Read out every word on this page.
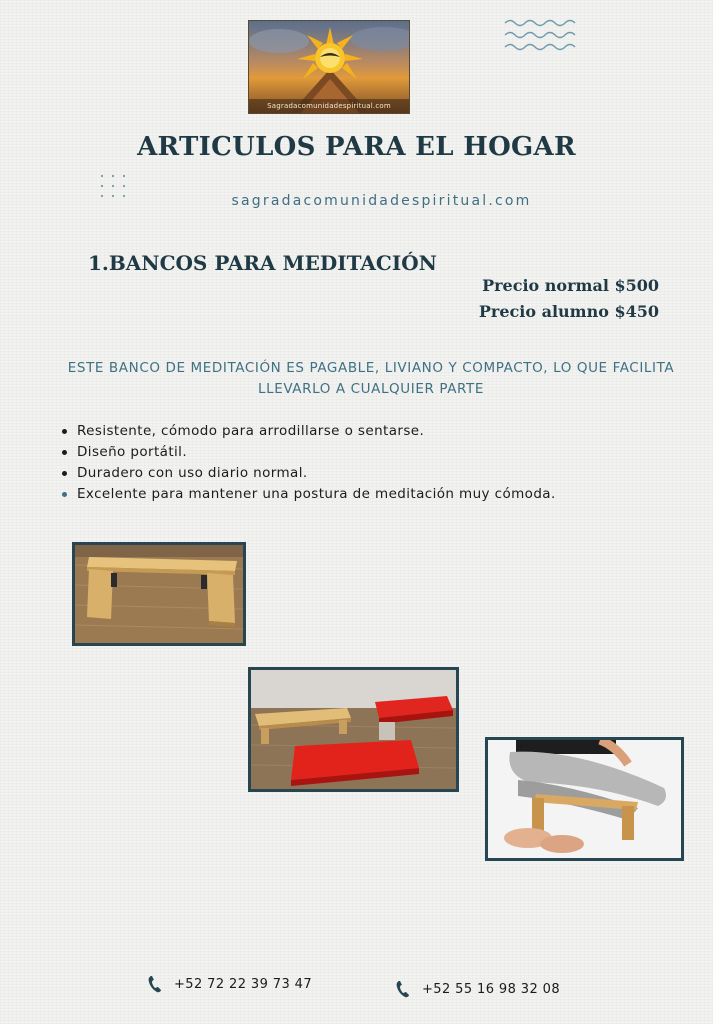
Sagradacomunidadespiritual.com
ARTICULOS PARA EL HOGAR
sagradacomunidadespiritual.com
1.BANCOS PARA MEDITACIÓN
Precio normal $500
Precio alumno $450
ESTE BANCO DE MEDITACIÓN ES PAGABLE, LIVIANO Y COMPACTO, LO QUE FACILITA LLEVARLO A CUALQUIER PARTE
Resistente, cómodo para arrodillarse o sentarse.
Diseño portátil.
Duradero con uso diario normal.
Excelente para mantener una postura de meditación muy cómoda.
+52 72 22 39 73 47	+52 55 16 98 32 08
